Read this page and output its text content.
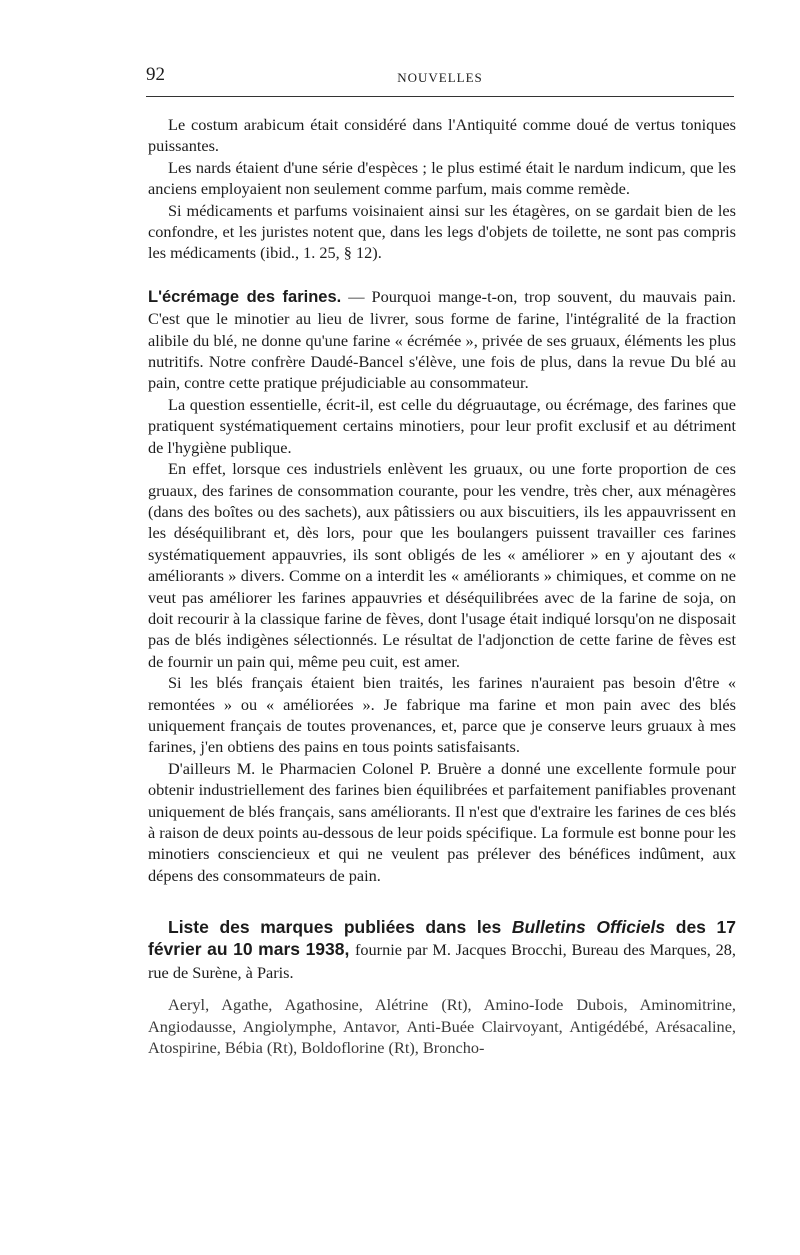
92	NOUVELLES

Le costum arabicum était considéré dans l'Antiquité comme doué de vertus toniques puissantes.

Les nards étaient d'une série d'espèces ; le plus estimé était le nardum indicum, que les anciens employaient non seulement comme parfum, mais comme remède.

Si médicaments et parfums voisinaient ainsi sur les étagères, on se gardait bien de les confondre, et les juristes notent que, dans les legs d'objets de toilette, ne sont pas compris les médicaments (ibid., 1. 25, § 12).

L'écrémage des farines. — Pourquoi mange-t-on, trop souvent, du mauvais pain. C'est que le minotier au lieu de livrer, sous forme de farine, l'intégralité de la fraction alibile du blé, ne donne qu'une farine « écrémée », privée de ses gruaux, éléments les plus nutritifs. Notre confrère Daudé-Bancel s'élève, une fois de plus, dans la revue Du blé au pain, contre cette pratique préjudiciable au consommateur.

La question essentielle, écrit-il, est celle du dégruautage, ou écrémage, des farines que pratiquent systématiquement certains minotiers, pour leur profit exclusif et au détriment de l'hygiène publique.

En effet, lorsque ces industriels enlèvent les gruaux, ou une forte proportion de ces gruaux, des farines de consommation courante, pour les vendre, très cher, aux ménagères (dans des boîtes ou des sachets), aux pâtissiers ou aux biscuitiers, ils les appauvrissent en les déséquilibrant et, dès lors, pour que les boulangers puissent travailler ces farines systématiquement appauvries, ils sont obligés de les « améliorer » en y ajoutant des « améliorants » divers. Comme on a interdit les « améliorants » chimiques, et comme on ne veut pas améliorer les farines appauvries et déséquilibrées avec de la farine de soja, on doit recourir à la classique farine de fèves, dont l'usage était indiqué lorsqu'on ne disposait pas de blés indigènes sélectionnés. Le résultat de l'adjonction de cette farine de fèves est de fournir un pain qui, même peu cuit, est amer.

Si les blés français étaient bien traités, les farines n'auraient pas besoin d'être « remontées » ou « améliorées ». Je fabrique ma farine et mon pain avec des blés uniquement français de toutes provenances, et, parce que je conserve leurs gruaux à mes farines, j'en obtiens des pains en tous points satisfaisants.

D'ailleurs M. le Pharmacien Colonel P. Bruère a donné une excellente formule pour obtenir industriellement des farines bien équilibrées et parfaitement panifiables provenant uniquement de blés français, sans améliorants. Il n'est que d'extraire les farines de ces blés à raison de deux points au-dessous de leur poids spécifique. La formule est bonne pour les minotiers consciencieux et qui ne veulent pas prélever des bénéfices indûment, aux dépens des consommateurs de pain.

Liste des marques publiées dans les Bulletins Officiels des 17 février au 10 mars 1938, fournie par M. Jacques Brocchi, Bureau des Marques, 28, rue de Surène, à Paris.

Aeryl, Agathe, Agathosine, Alétrine (Rt), Amino-Iode Dubois, Aminomitrine, Angiodausse, Angiolymphe, Antavor, Anti-Buée Clairvoyant, Antigédébé, Arésacaline, Atospirine, Bébia (Rt), Boldoflorine (Rt), Broncho-
